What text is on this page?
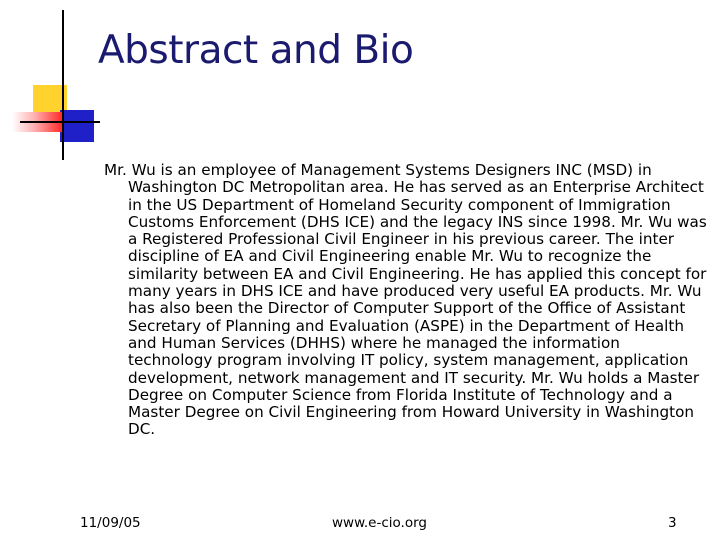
Abstract and Bio

Mr. Wu is an employee of Management Systems Designers INC (MSD) in Washington DC Metropolitan area. He has served as an Enterprise Architect in the US Department of Homeland Security component of Immigration Customs Enforcement (DHS ICE) and the legacy INS since 1998. Mr. Wu was a Registered Professional Civil Engineer in his previous career. The inter discipline of EA and Civil Engineering enable Mr. Wu to recognize the similarity between EA and Civil Engineering. He has applied this concept for many years in DHS ICE and have produced very useful EA products. Mr. Wu has also been the Director of Computer Support of the Office of Assistant Secretary of Planning and Evaluation (ASPE) in the Department of Health and Human Services (DHHS) where he managed the information technology program involving IT policy, system management, application development, network management and IT security. Mr. Wu holds a Master Degree on Computer Science from Florida Institute of Technology and a Master Degree on Civil Engineering from Howard University in Washington DC.

11/09/05	www.e-cio.org	3
